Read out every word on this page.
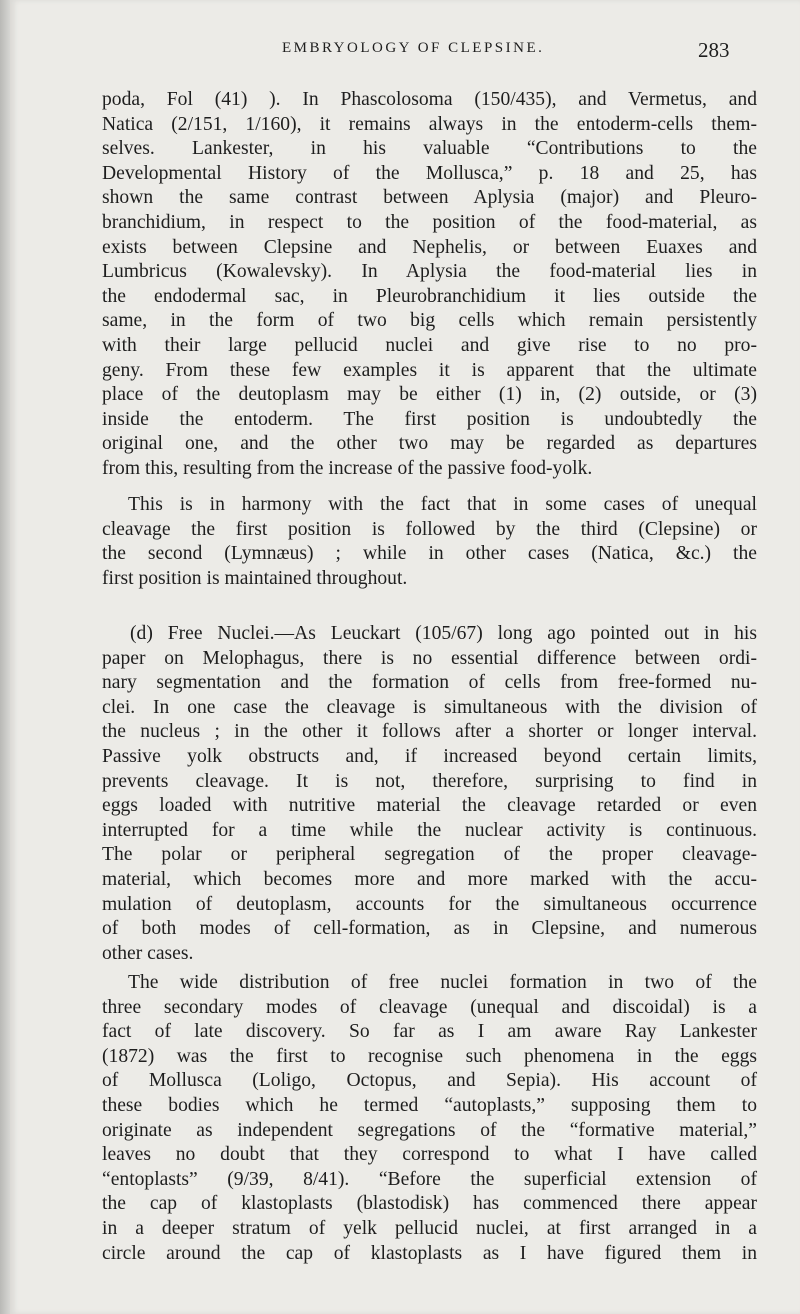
EMBRYOLOGY OF CLEPSINE.	283
poda, Fol (41) ). In Phascolosoma (150/435), and Vermetus, and
Natica (2/151, 1/160), it remains always in the entoderm-cells them-
selves. Lankester, in his valuable “Contributions to the
Developmental History of the Mollusca,” p. 18 and 25, has
shown the same contrast between Aplysia (major) and Pleuro-
branchidium, in respect to the position of the food-material, as
exists between Clepsine and Nephelis, or between Euaxes and
Lumbricus (Kowalevsky). In Aplysia the food-material lies in
the endodermal sac, in Pleurobranchidium it lies outside the
same, in the form of two big cells which remain persistently
with their large pellucid nuclei and give rise to no pro-
geny. From these few examples it is apparent that the ultimate
place of the deutoplasm may be either (1) in, (2) outside, or (3)
inside the entoderm. The first position is undoubtedly the
original one, and the other two may be regarded as departures
from this, resulting from the increase of the passive food-yolk.
This is in harmony with the fact that in some cases of unequal
cleavage the first position is followed by the third (Clepsine) or
the second (Lymnæus) ; while in other cases (Natica, &c.) the
first position is maintained throughout.
(d) Free Nuclei.—As Leuckart (105/67) long ago pointed out in his
paper on Melophagus, there is no essential difference between ordi-
nary segmentation and the formation of cells from free-formed nu-
clei. In one case the cleavage is simultaneous with the division of
the nucleus ; in the other it follows after a shorter or longer interval.
Passive yolk obstructs and, if increased beyond certain limits,
prevents cleavage. It is not, therefore, surprising to find in
eggs loaded with nutritive material the cleavage retarded or even
interrupted for a time while the nuclear activity is continuous.
The polar or peripheral segregation of the proper cleavage-
material, which becomes more and more marked with the accu-
mulation of deutoplasm, accounts for the simultaneous occurrence
of both modes of cell-formation, as in Clepsine, and numerous
other cases.
The wide distribution of free nuclei formation in two of the
three secondary modes of cleavage (unequal and discoidal) is a
fact of late discovery. So far as I am aware Ray Lankester
(1872) was the first to recognise such phenomena in the eggs
of Mollusca (Loligo, Octopus, and Sepia). His account of
these bodies which he termed “autoplasts,” supposing them to
originate as independent segregations of the “formative material,”
leaves no doubt that they correspond to what I have called
“entoplasts” (9/39, 8/41). “Before the superficial extension of
the cap of klastoplasts (blastodisk) has commenced there appear
in a deeper stratum of yelk pellucid nuclei, at first arranged in a
circle around the cap of klastoplasts as I have figured them in
